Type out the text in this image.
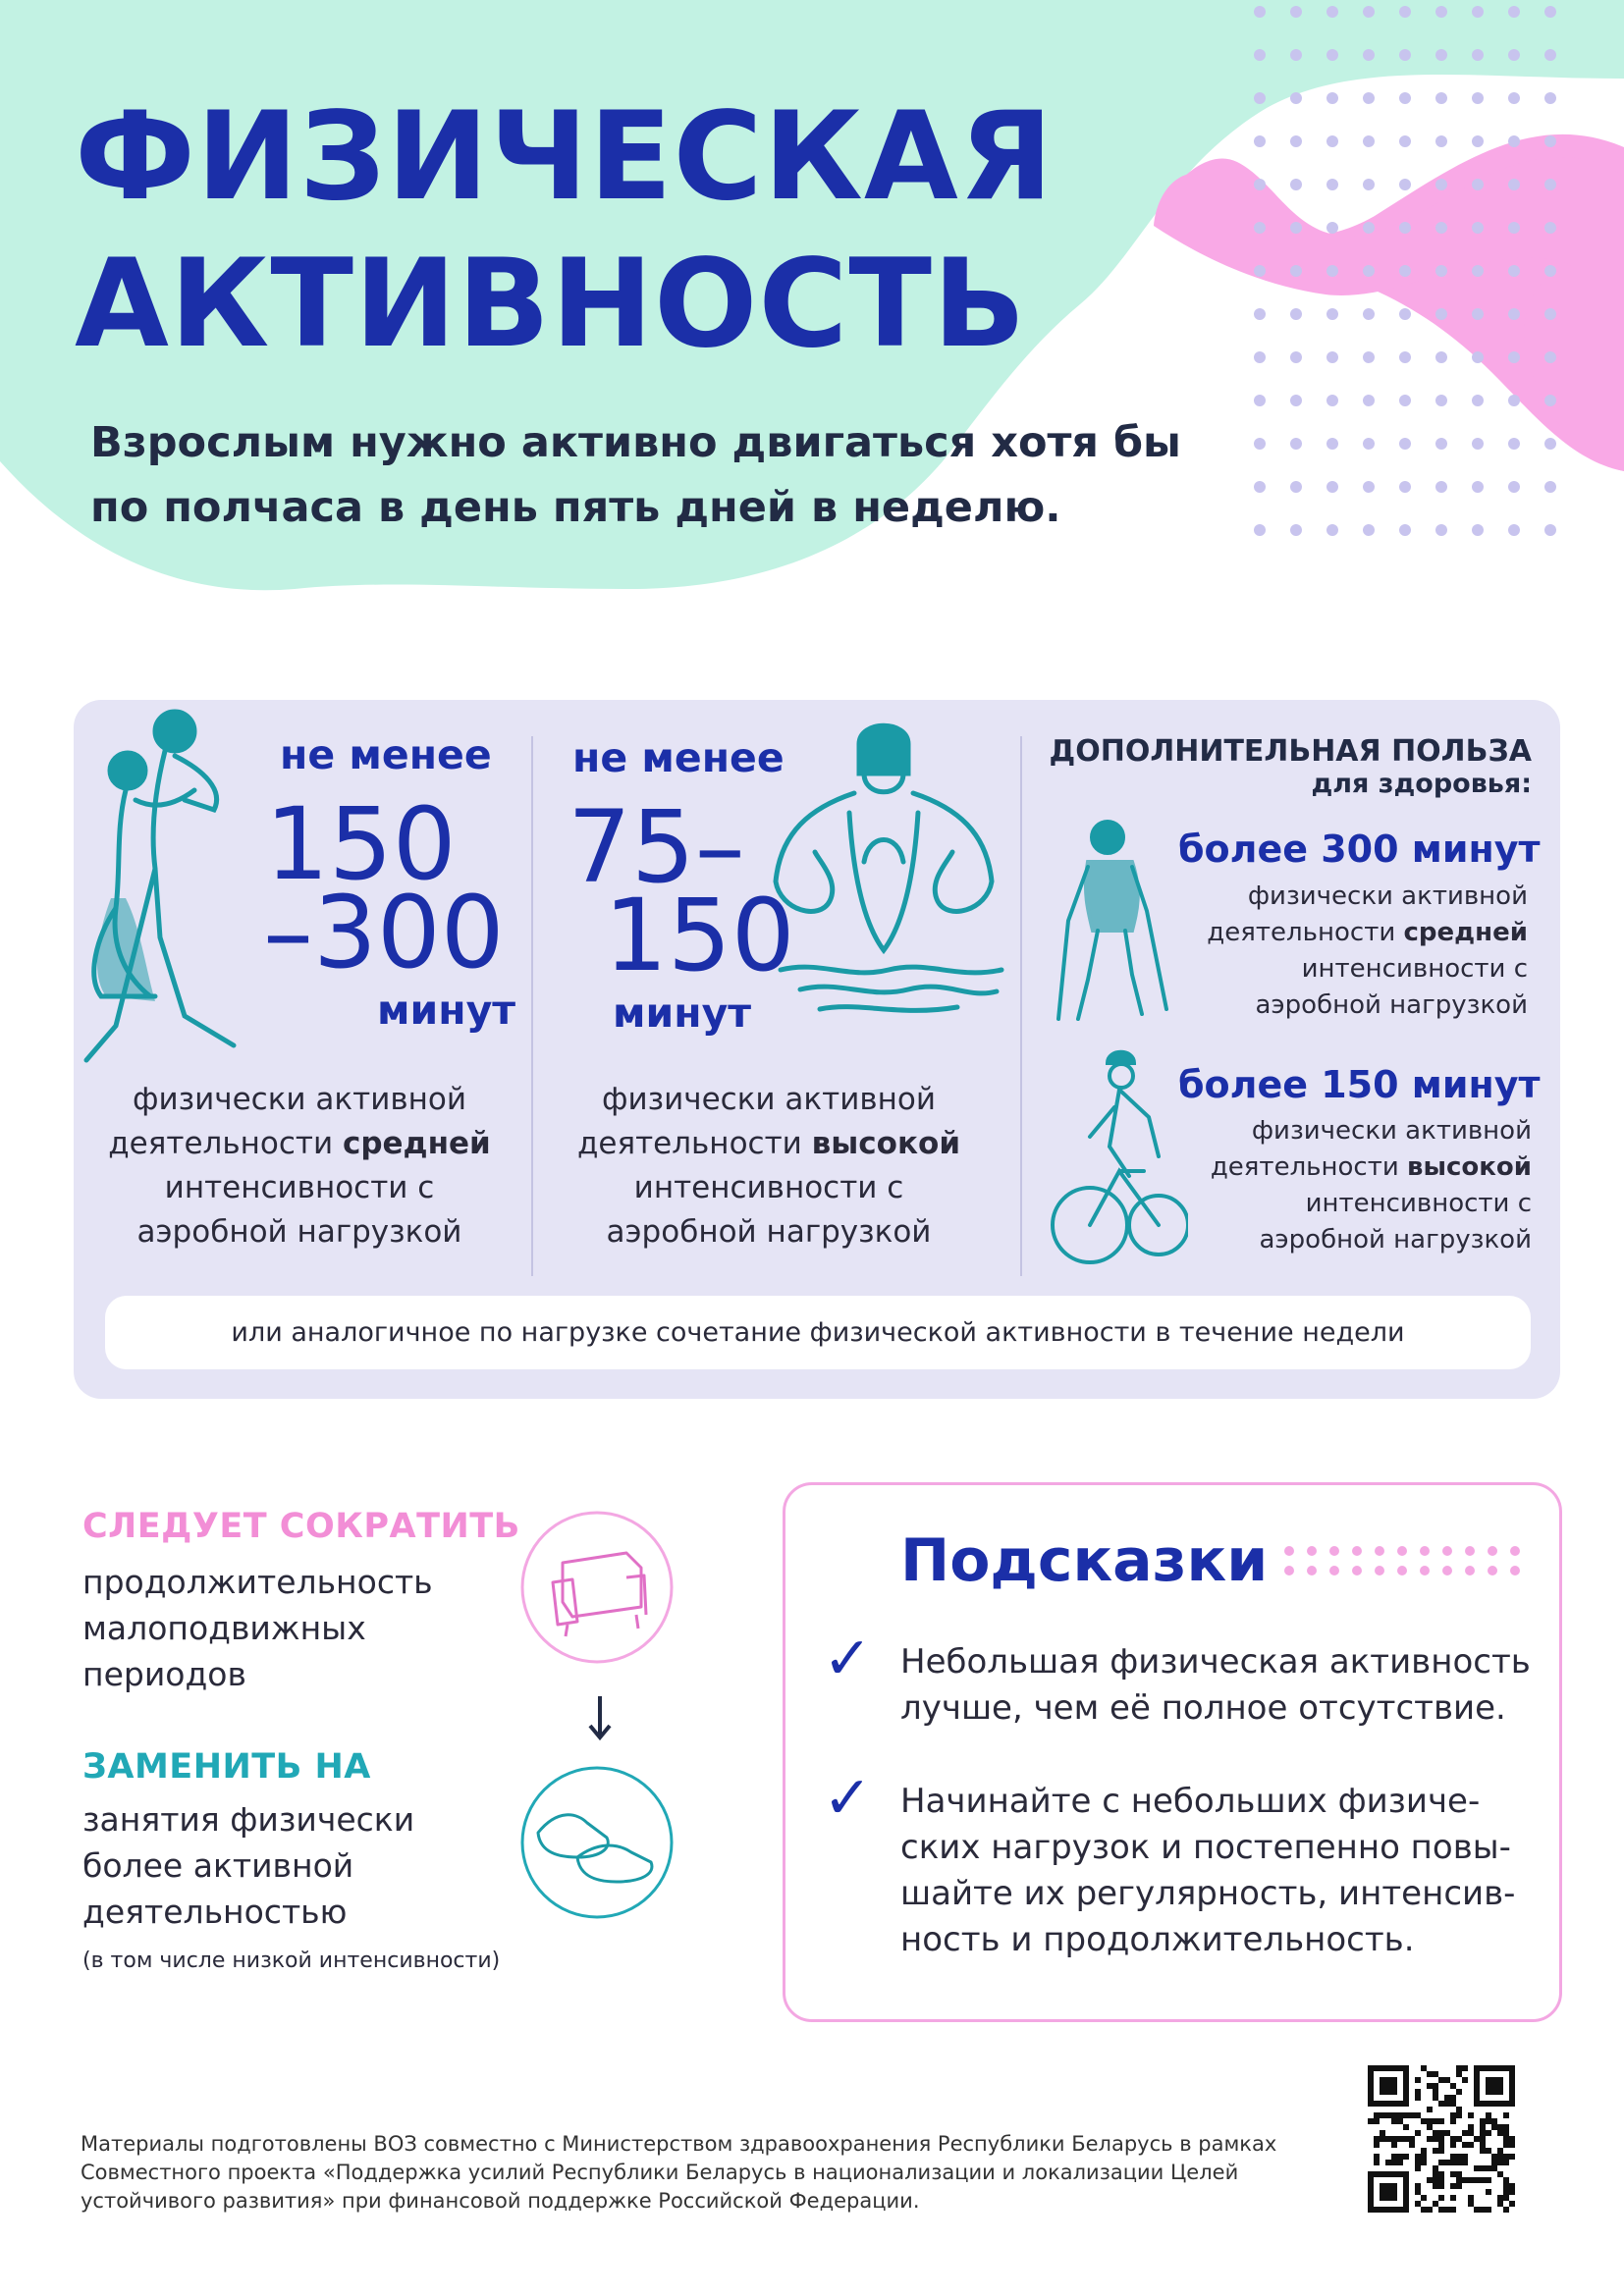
ФИЗИЧЕСКАЯ
АКТИВНОСТЬ
Взрослым нужно активно двигаться хотя бы
по полчаса в день пять дней в неделю.
не менее
150
–300
минут
физически активной
деятельности средней
интенсивности с
аэробной нагрузкой
не менее
75–
150
минут
физически активной
деятельности высокой
интенсивности с
аэробной нагрузкой
ДОПОЛНИТЕЛЬНАЯ ПОЛЬЗА
для здоровья:
более 300 минут
физически активной
деятельности средней
интенсивности с
аэробной нагрузкой
более 150 минут
физически активной
деятельности высокой
интенсивности с
аэробной нагрузкой
или аналогичное по нагрузке сочетание физической активности в течение недели
СЛЕДУЕТ СОКРАТИТЬ
продолжительность
малоподвижных
периодов
ЗАМЕНИТЬ НА
занятия физически
более активной
деятельностью
(в том числе низкой интенсивности)
Подсказки
✓ Небольшая физическая активность
лучше, чем её полное отсутствие.
✓ Начинайте с небольших физиче-
ских нагрузок и постепенно повы-
шайте их регулярность, интенсив-
ность и продолжительность.
Материалы подготовлены ВОЗ совместно с Министерством здравоохранения Республики Беларусь в рамках
Совместного проекта «Поддержка усилий Республики Беларусь в национализации и локализации Целей
устойчивого развития» при финансовой поддержке Российской Федерации.
